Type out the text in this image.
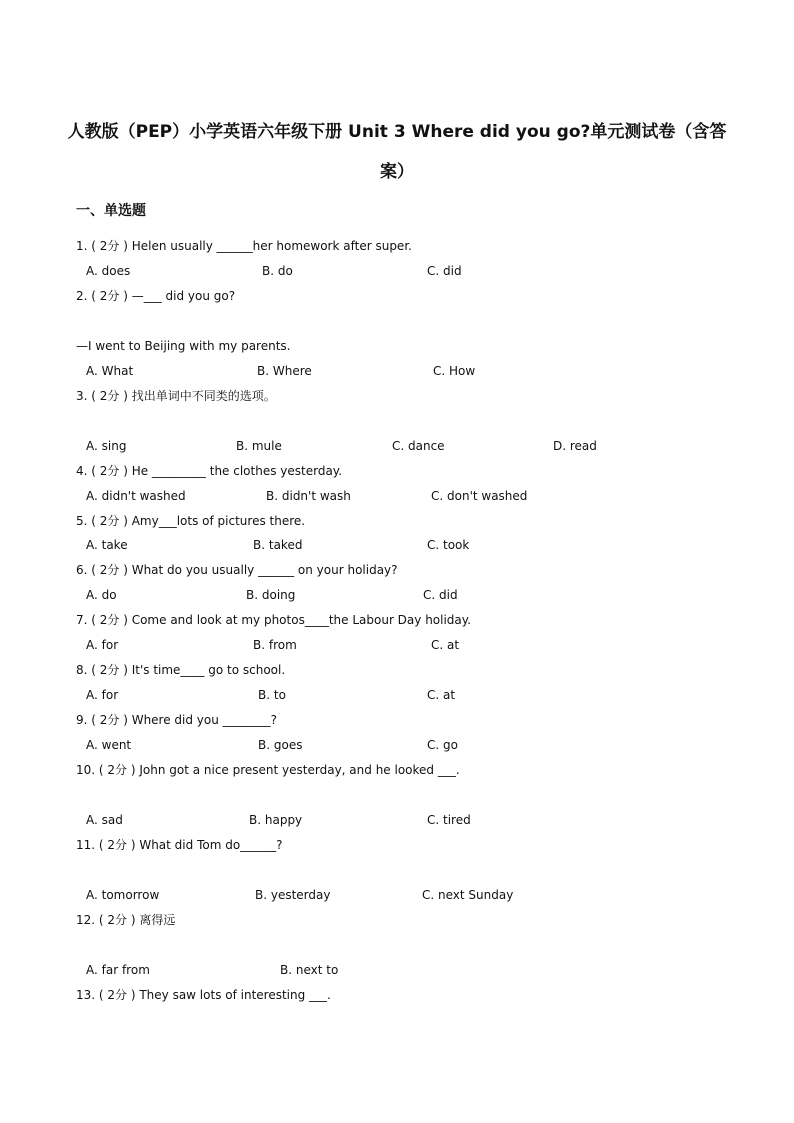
人教版（PEP）小学英语六年级下册 Unit 3 Where did you go?单元测试卷（含答案）
一、单选题
1. ( 2分 ) Helen usually ______her homework after super.
A. does	B. do	C. did
2. ( 2分 ) —___ did you go?
—I went to Beijing with my parents.
A. What	B. Where	C. How
3. ( 2分 ) 找出单词中不同类的选项。
A. sing	B. mule	C. dance	D. read
4. ( 2分 ) He _________ the clothes yesterday.
A. didn't washed	B. didn't wash	C. don't washed
5. ( 2分 ) Amy___lots of pictures there.
A. take	B. taked	C. took
6. ( 2分 ) What do you usually ______ on your holiday?
A. do	B. doing	C. did
7. ( 2分 ) Come and look at my photos____the Labour Day holiday.
A. for	B. from	C. at
8. ( 2分 ) It's time____ go to school.
A. for	B. to	C. at
9. ( 2分 ) Where did you ________?
A. went	B. goes	C. go
10. ( 2分 ) John got a nice present yesterday, and he looked ___.
A. sad	B. happy	C. tired
11. ( 2分 ) What did Tom do______?
A. tomorrow	B. yesterday	C. next Sunday
12. ( 2分 ) 离得远
A. far from	B. next to
13. ( 2分 ) They saw lots of interesting ___.
